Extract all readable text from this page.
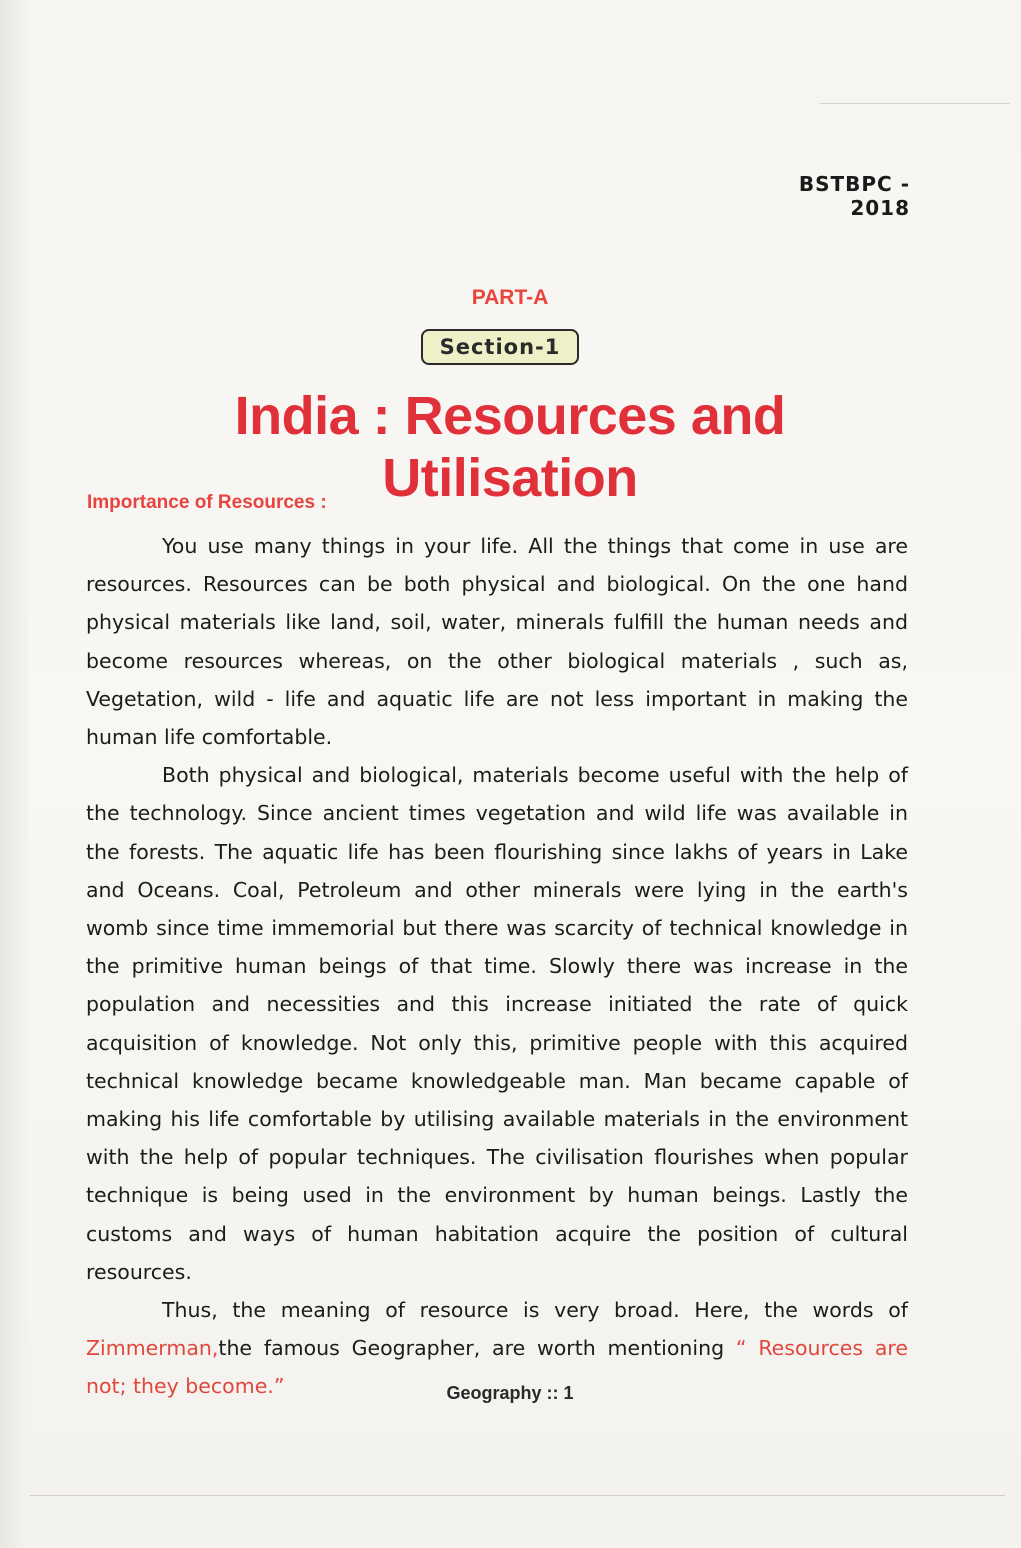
BSTBPC - 2018
PART-A
Section-1
India : Resources and Utilisation
Importance of Resources :

You use many things in your life. All the things that come in use are resources. Resources can be both physical and biological. On the one hand physical materials like land, soil, water, minerals fulfill the human needs and become resources whereas, on the other biological materials , such as, Vegetation, wild - life and aquatic life are not less important in making the human life comfortable.

Both physical and biological, materials become useful with the help of the technology. Since ancient times vegetation and wild life was available in the forests. The aquatic life has been flourishing since lakhs of years in Lake and Oceans. Coal, Petroleum and other minerals were lying in the earth's womb since time immemorial but there was scarcity of technical knowledge in the primitive human beings of that time. Slowly there was increase in the population and necessities and this increase initiated the rate of quick acquisition of knowledge. Not only this, primitive people with this acquired technical knowledge became knowledgeable man. Man became capable of making his life comfortable by utilising available materials in the environment with the help of popular techniques. The civilisation flourishes when popular technique is being used in the environment by human beings. Lastly the customs and ways of human habitation acquire the position of cultural resources.

Thus, the meaning of resource is very broad. Here, the words of Zimmerman,the famous Geographer, are worth mentioning “ Resources are not; they become.”	Geography :: 1
